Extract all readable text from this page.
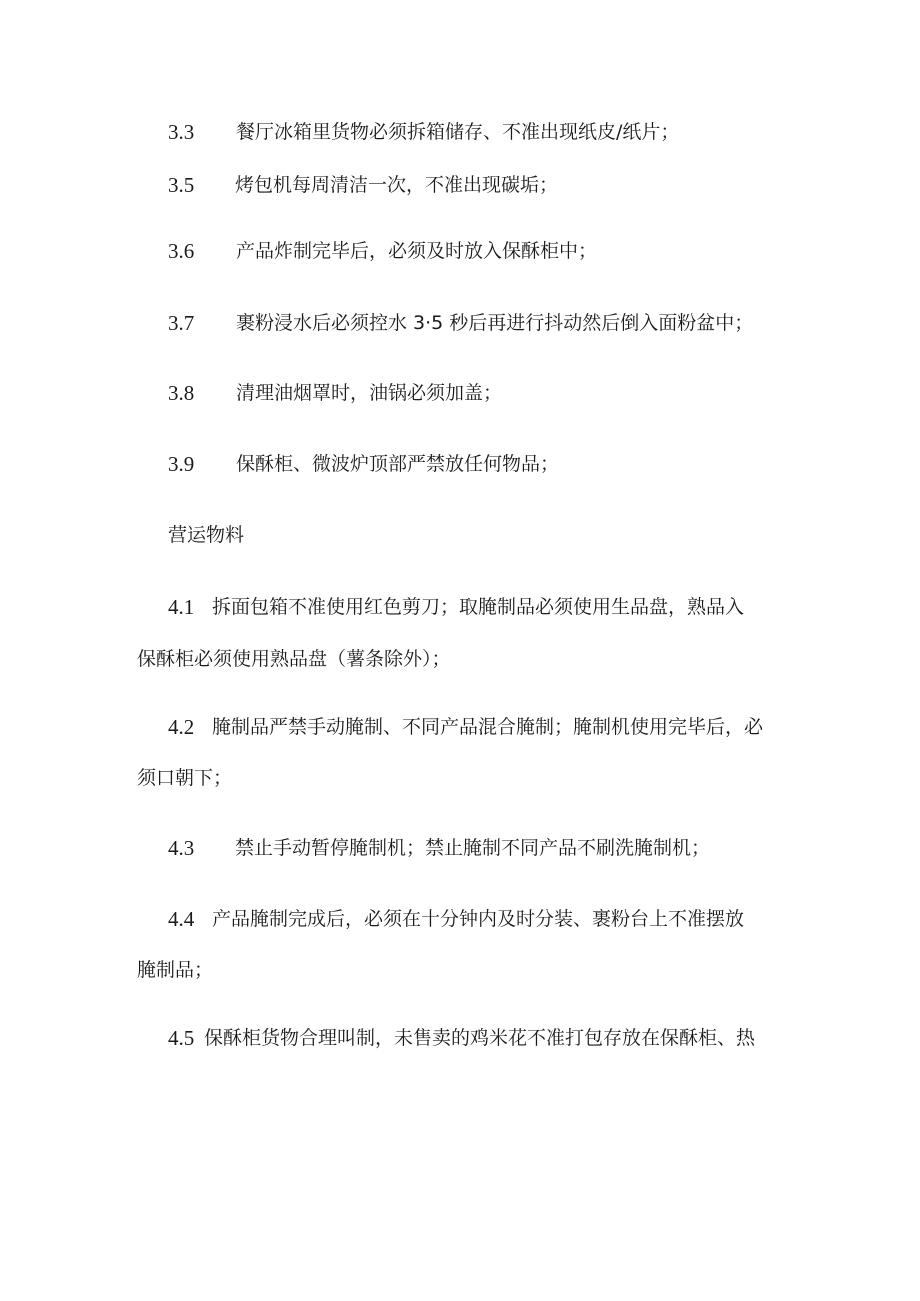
3.3 餐厅冰箱里货物必须拆箱储存、不准出现纸皮/纸片；
3.5 烤包机每周清洁一次，不准出现碳垢；
3.6 产品炸制完毕后，必须及时放入保酥柜中；
3.7 裹粉浸水后必须控水 3·5 秒后再进行抖动然后倒入面粉盆中；
3.8 清理油烟罩时，油锅必须加盖；
3.9 保酥柜、微波炉顶部严禁放任何物品；
营运物料
4.1 拆面包箱不准使用红色剪刀；取腌制品必须使用生品盘，熟品入
保酥柜必须使用熟品盘（薯条除外）；
4.2 腌制品严禁手动腌制、不同产品混合腌制；腌制机使用完毕后，必
须口朝下；
4.3 禁止手动暂停腌制机；禁止腌制不同产品不刷洗腌制机；
4.4 产品腌制完成后，必须在十分钟内及时分装、裹粉台上不准摆放
腌制品；
4.5 保酥柜货物合理叫制，未售卖的鸡米花不准打包存放在保酥柜、热
